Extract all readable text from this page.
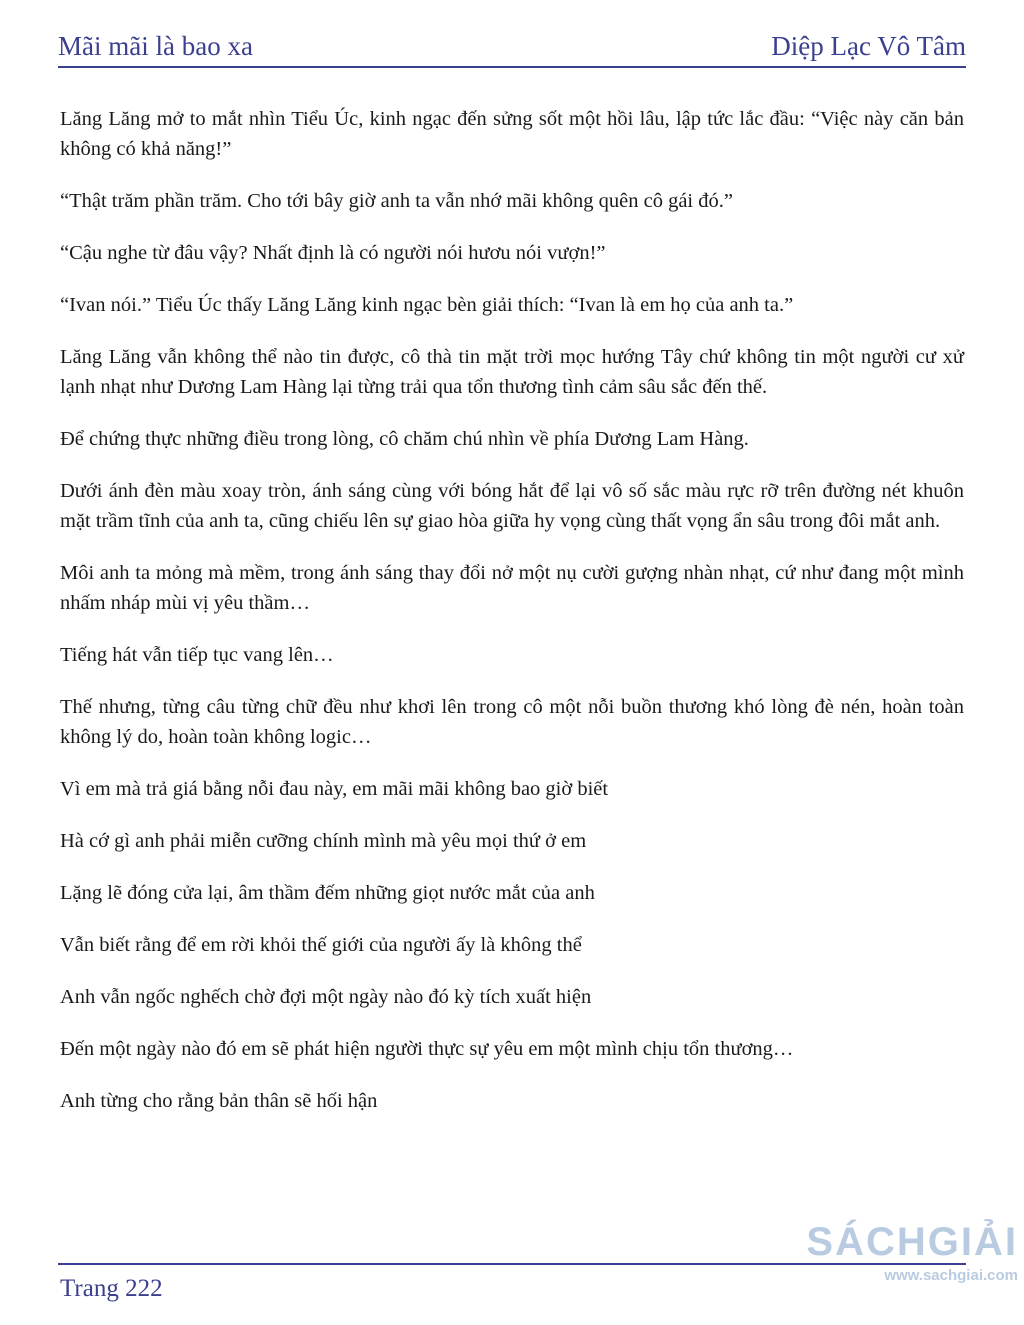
Mãi mãi là bao xa	Diệp Lạc Vô Tâm

Lăng Lăng mở to mắt nhìn Tiểu Úc, kinh ngạc đến sửng sốt một hồi lâu, lập tức lắc đầu: “Việc này căn bản không có khả năng!”

“Thật trăm phần trăm. Cho tới bây giờ anh ta vẫn nhớ mãi không quên cô gái đó.”

“Cậu nghe từ đâu vậy? Nhất định là có người nói hươu nói vượn!”

“Ivan nói.” Tiểu Úc thấy Lăng Lăng kinh ngạc bèn giải thích: “Ivan là em họ của anh ta.”

Lăng Lăng vẫn không thể nào tin được, cô thà tin mặt trời mọc hướng Tây chứ không tin một người cư xử lạnh nhạt như Dương Lam Hàng lại từng trải qua tổn thương tình cảm sâu sắc đến thế.

Để chứng thực những điều trong lòng, cô chăm chú nhìn về phía Dương Lam Hàng.

Dưới ánh đèn màu xoay tròn, ánh sáng cùng với bóng hắt để lại vô số sắc màu rực rỡ trên đường nét khuôn mặt trầm tĩnh của anh ta, cũng chiếu lên sự giao hòa giữa hy vọng cùng thất vọng ẩn sâu trong đôi mắt anh.

Môi anh ta mỏng mà mềm, trong ánh sáng thay đổi nở một nụ cười gượng nhàn nhạt, cứ như đang một mình nhấm nháp mùi vị yêu thầm…

Tiếng hát vẫn tiếp tục vang lên…

Thế nhưng, từng câu từng chữ đều như khơi lên trong cô một nỗi buồn thương khó lòng đè nén, hoàn toàn không lý do, hoàn toàn không logic…

Vì em mà trả giá bằng nỗi đau này, em mãi mãi không bao giờ biết

Hà cớ gì anh phải miễn cưỡng chính mình mà yêu mọi thứ ở em

Lặng lẽ đóng cửa lại, âm thầm đếm những giọt nước mắt của anh

Vẫn biết rằng để em rời khỏi thế giới của người ấy là không thể

Anh vẫn ngốc nghếch chờ đợi một ngày nào đó kỳ tích xuất hiện

Đến một ngày nào đó em sẽ phát hiện người thực sự yêu em một mình chịu tổn thương…

Anh từng cho rằng bản thân sẽ hối hận

Trang 222
SÁCHGIẢI
www.sachgiai.com
